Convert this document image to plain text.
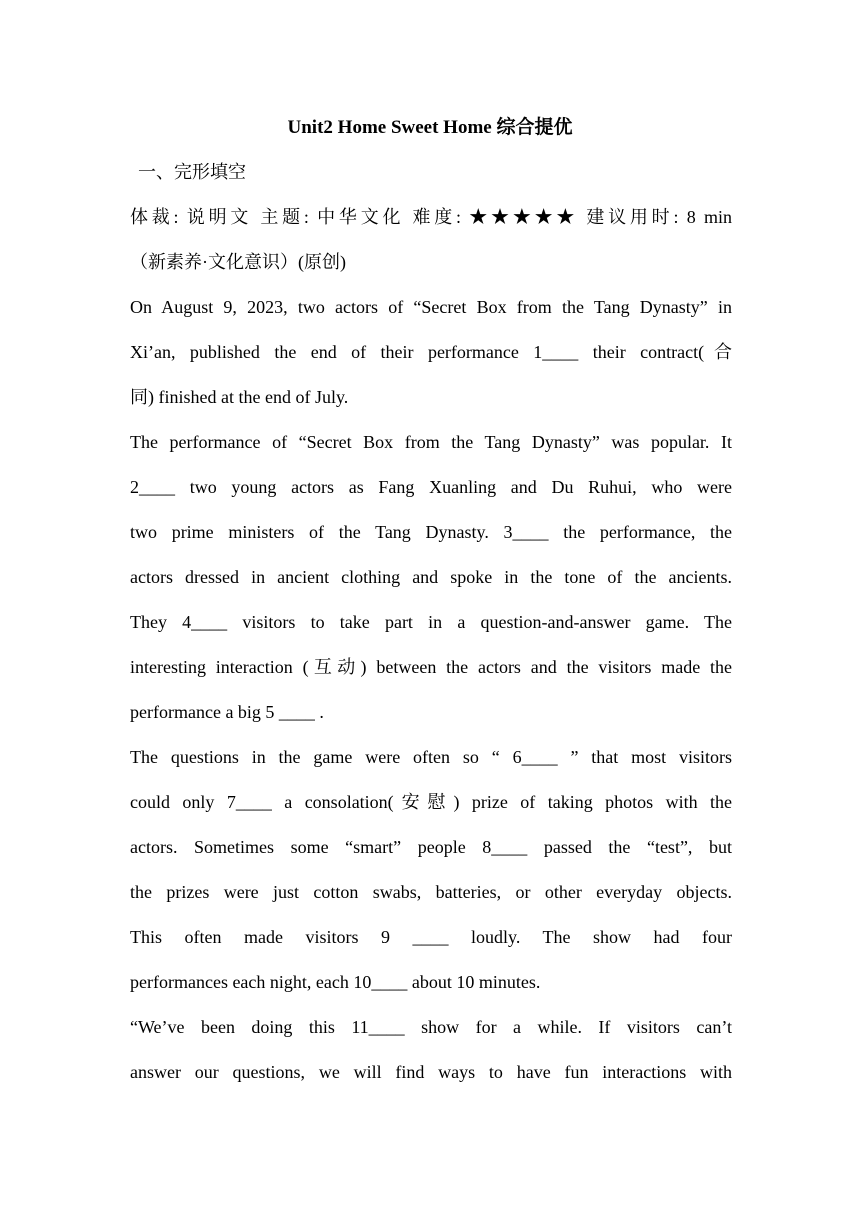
Unit2 Home Sweet Home 综合提优
一、完形填空
体裁: 说明文 主题: 中华文化 难度: ★★★★★ 建议用时: 8 min
（新素养·文化意识）(原创)
On August 9, 2023, two actors of “Secret Box from the Tang Dynasty” in
Xi’an, published the end of their performance 1____ their contract(合
同) finished at the end of July.
The performance of “Secret Box from the Tang Dynasty” was popular. It
2____ two young actors as Fang Xuanling and Du Ruhui, who were
two prime ministers of the Tang Dynasty. 3____ the performance, the
actors dressed in ancient clothing and spoke in the tone of the ancients.
They 4____ visitors to take part in a question-and-answer game. The
interesting interaction (互动) between the actors and the visitors made the
performance a big 5 ____ .
The questions in the game were often so “ 6____ ” that most visitors
could only 7____ a consolation(安慰) prize of taking photos with the
actors. Sometimes some “smart” people 8____ passed the “test”, but
the prizes were just cotton swabs, batteries, or other everyday objects.
This often made visitors 9 ____ loudly. The show had four
performances each night, each 10____ about 10 minutes.
“We’ve been doing this 11____ show for a while. If visitors can’t
answer our questions, we will find ways to have fun interactions with
